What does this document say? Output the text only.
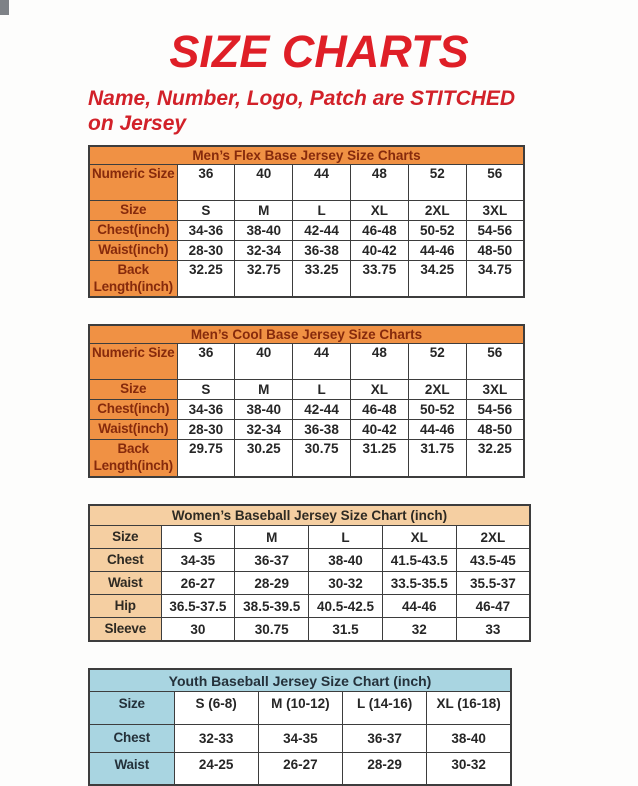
SIZE CHARTS
Name, Number, Logo, Patch are STITCHED
on Jersey
Men’s Flex Base Jersey Size Charts						
Numeric Size	36	40	44	48	52	56
Size	S	M	L	XL	2XL	3XL
Chest(inch)	34-36	38-40	42-44	46-48	50-52	54-56
Waist(inch)	28-30	32-34	36-38	40-42	44-46	48-50
Back Length(inch)	32.25	32.75	33.25	33.75	34.25	34.75
Men’s Cool Base Jersey Size Charts						
Numeric Size	36	40	44	48	52	56
Size	S	M	L	XL	2XL	3XL
Chest(inch)	34-36	38-40	42-44	46-48	50-52	54-56
Waist(inch)	28-30	32-34	36-38	40-42	44-46	48-50
Back Length(inch)	29.75	30.25	30.75	31.25	31.75	32.25
Women’s Baseball Jersey Size Chart (inch)					
Size	S	M	L	XL	2XL
Chest	34-35	36-37	38-40	41.5-43.5	43.5-45
Waist	26-27	28-29	30-32	33.5-35.5	35.5-37
Hip	36.5-37.5	38.5-39.5	40.5-42.5	44-46	46-47
Sleeve	30	30.75	31.5	32	33
Youth Baseball Jersey Size Chart (inch)				
Size	S (6-8)	M (10-12)	L (14-16)	XL (16-18)
Chest	32-33	34-35	36-37	38-40
Waist	24-25	26-27	28-29	30-32
